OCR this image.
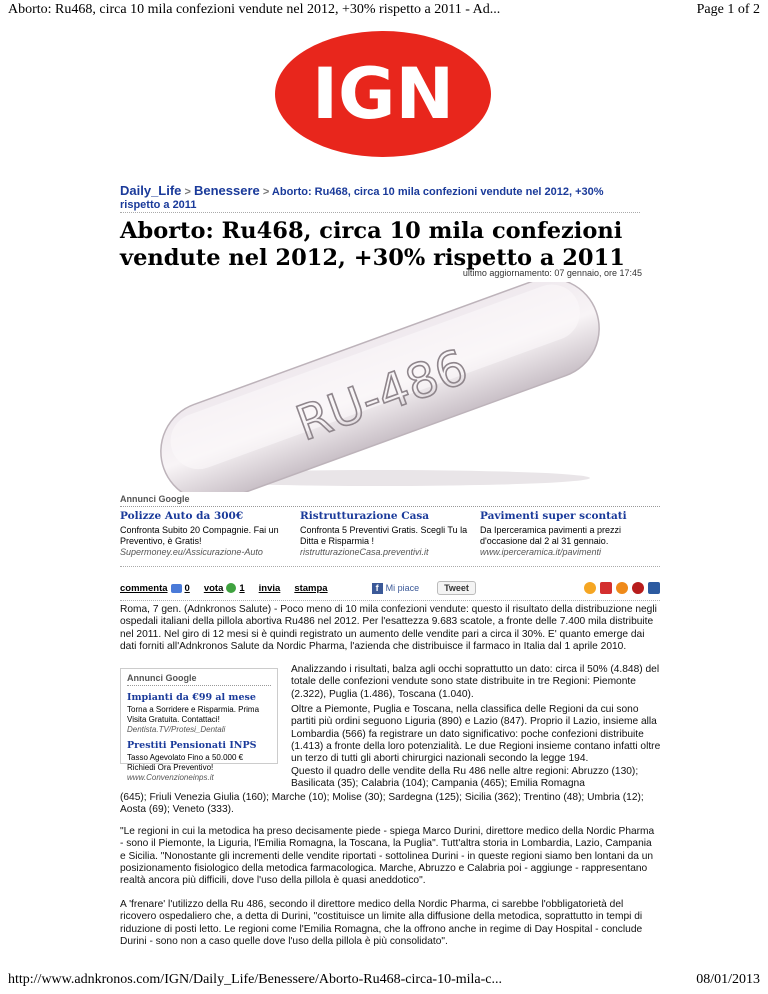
Aborto: Ru468, circa 10 mila confezioni vendute nel 2012, +30% rispetto a 2011 - Ad...	Page 1 of 2
IGN
Daily_Life > Benessere > Aborto: Ru468, circa 10 mila confezioni vendute nel 2012, +30% rispetto a 2011
Aborto: Ru468, circa 10 mila confezioni vendute nel 2012, +30% rispetto a 2011
ultimo aggiornamento: 07 gennaio, ore 17:45
RU-486
Annunci Google
Polizze Auto da 300€
Confronta Subito 20 Compagnie. Fai un Preventivo, è Gratis!
Supermoney.eu/Assicurazione-Auto
Ristrutturazione Casa
Confronta 5 Preventivi Gratis. Scegli Tu la Ditta e Risparmia !
ristrutturazioneCasa.preventivi.it
Pavimenti super scontati
Da Iperceramica pavimenti a prezzi d'occasione dal 2 al 31 gennaio.
www.iperceramica.it/pavimenti
commenta 0 vota 1 invia stampa	f Mi piace	Tweet
Roma, 7 gen. (Adnkronos Salute) - Poco meno di 10 mila confezioni vendute: questo il risultato della distribuzione negli ospedali italiani della pillola abortiva Ru486 nel 2012. Per l'esattezza 9.683 scatole, a fronte delle 7.400 mila distribuite nel 2011. Nel giro di 12 mesi si è quindi registrato un aumento delle vendite pari a circa il 30%. E' quanto emerge dai dati forniti all'Adnkronos Salute da Nordic Pharma, l'azienda che distribuisce il farmaco in Italia dal 1 aprile 2010.
Annunci Google
Impianti da €99 al mese
Torna a Sorridere e Risparmia. Prima Visita Gratuita. Contattaci!
Dentista.TV/Protesi_Dentali
Prestiti Pensionati INPS
Tasso Agevolato Fino a 50.000 € Richiedi Ora Preventivo!
www.Convenzioneinps.it
Analizzando i risultati, balza agli occhi soprattutto un dato: circa il 50% (4.848) del totale delle confezioni vendute sono state distribuite in tre Regioni: Piemonte (2.322), Puglia (1.486), Toscana (1.040).
Oltre a Piemonte, Puglia e Toscana, nella classifica delle Regioni da cui sono partiti più ordini seguono Liguria (890) e Lazio (847). Proprio il Lazio, insieme alla Lombardia (566) fa registrare un dato significativo: poche confezioni distribuite (1.413) a fronte della loro potenzialità. Le due Regioni insieme contano infatti oltre un terzo di tutti gli aborti chirurgici nazionali secondo la legge 194.
Questo il quadro delle vendite della Ru 486 nelle altre regioni: Abruzzo (130); Basilicata (35); Calabria (104); Campania (465); Emilia Romagna
(645); Friuli Venezia Giulia (160); Marche (10); Molise (30); Sardegna (125); Sicilia (362); Trentino (48); Umbria (12); Aosta (69); Veneto (333).
"Le regioni in cui la metodica ha preso decisamente piede - spiega Marco Durini, direttore medico della Nordic Pharma - sono il Piemonte, la Liguria, l'Emilia Romagna, la Toscana, la Puglia". Tutt'altra storia in Lombardia, Lazio, Campania e Sicilia. "Nonostante gli incrementi delle vendite riportati - sottolinea Durini - in queste regioni siamo ben lontani da un posizionamento fisiologico della metodica farmacologica. Marche, Abruzzo e Calabria poi - aggiunge - rappresentano realtà ancora più difficili, dove l'uso della pillola è quasi aneddotico".
A 'frenare' l'utilizzo della Ru 486, secondo il direttore medico della Nordic Pharma, ci sarebbe l'obbligatorietà del ricovero ospedaliero che, a detta di Durini, "costituisce un limite alla diffusione della metodica, soprattutto in tempi di riduzione di posti letto. Le regioni come l'Emilia Romagna, che la offrono anche in regime di Day Hospital - conclude Durini - sono non a caso quelle dove l'uso della pillola è più consolidato".
http://www.adnkronos.com/IGN/Daily_Life/Benessere/Aborto-Ru468-circa-10-mila-c...	08/01/2013
